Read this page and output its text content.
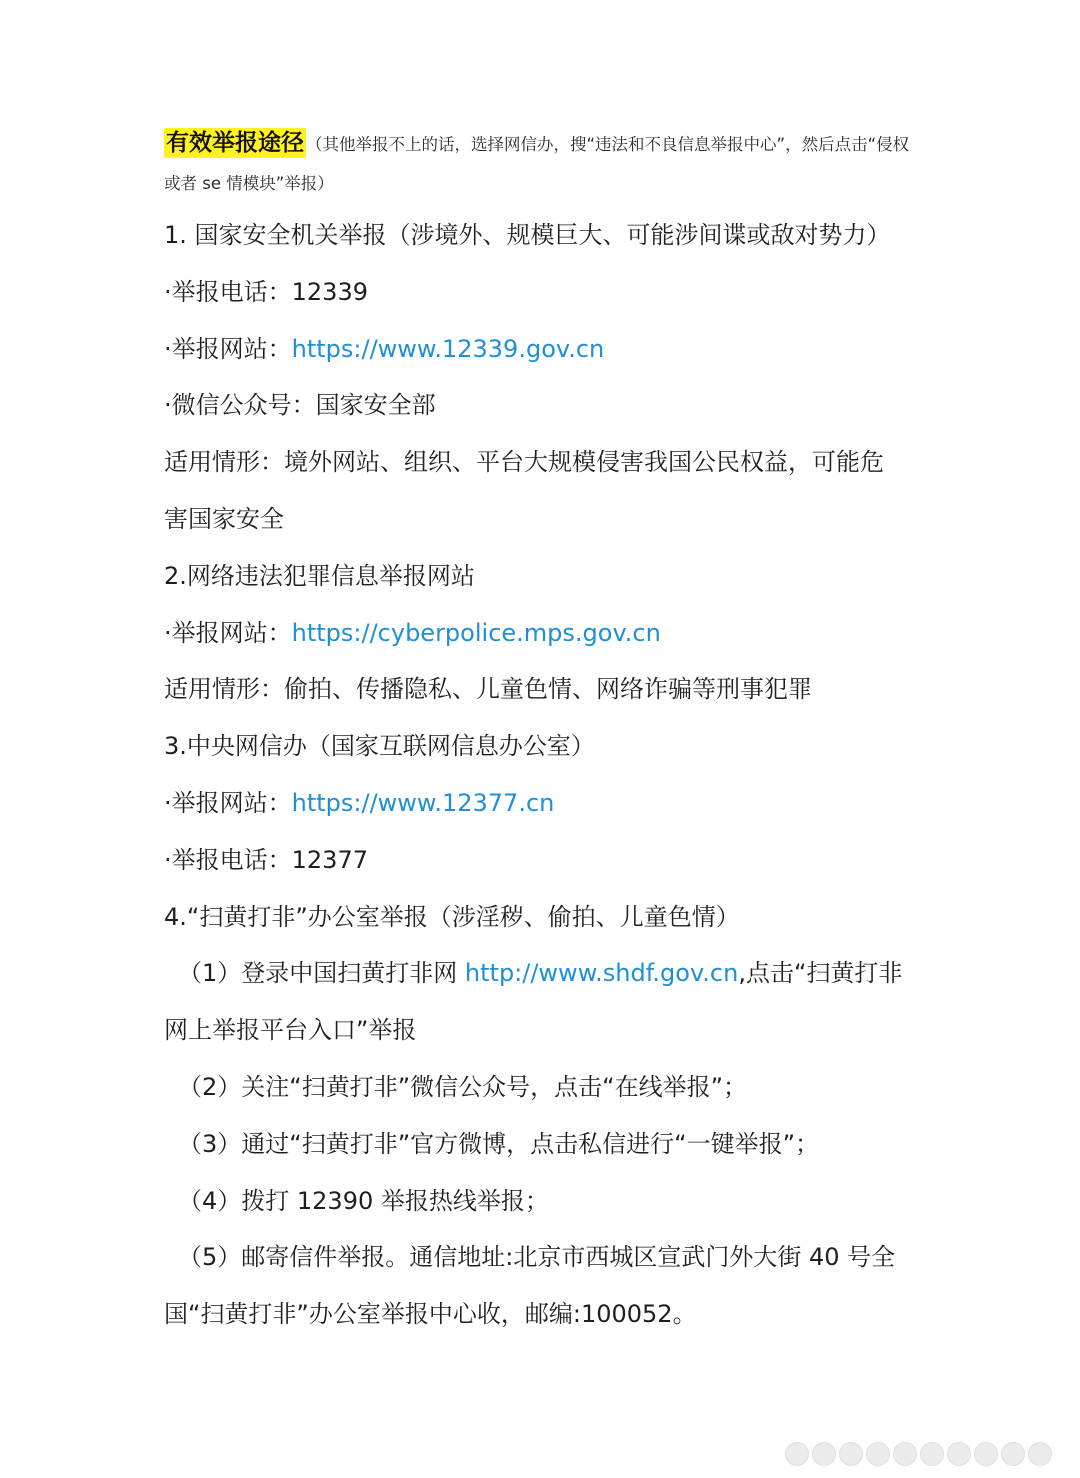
有效举报途径 （其他举报不上的话，选择网信办，搜“违法和不良信息举报中心”，然后点击“侵权或者 se 情模块”举报）
1. 国家安全机关举报（涉境外、规模巨大、可能涉间谍或敌对势力）
·举报电话：12339
·举报网站：https://www.12339.gov.cn
·微信公众号：国家安全部
适用情形：境外网站、组织、平台大规模侵害我国公民权益，可能危
害国家安全
2.网络违法犯罪信息举报网站
·举报网站：https://cyberpolice.mps.gov.cn
适用情形：偷拍、传播隐私、儿童色情、网络诈骗等刑事犯罪
3.中央网信办（国家互联网信息办公室）
·举报网站：https://www.12377.cn
·举报电话：12377
4.“扫黄打非”办公室举报（涉淫秽、偷拍、儿童色情）
（1）登录中国扫黄打非网 http://www.shdf.gov.cn,点击“扫黄打非
网上举报平台入口”举报
（2）关注“扫黄打非”微信公众号，点击“在线举报”；
（3）通过“扫黄打非”官方微博，点击私信进行“一键举报”；
（4）拨打 12390 举报热线举报；
（5）邮寄信件举报。通信地址:北京市西城区宣武门外大街 40 号全
国“扫黄打非”办公室举报中心收，邮编:100052。
